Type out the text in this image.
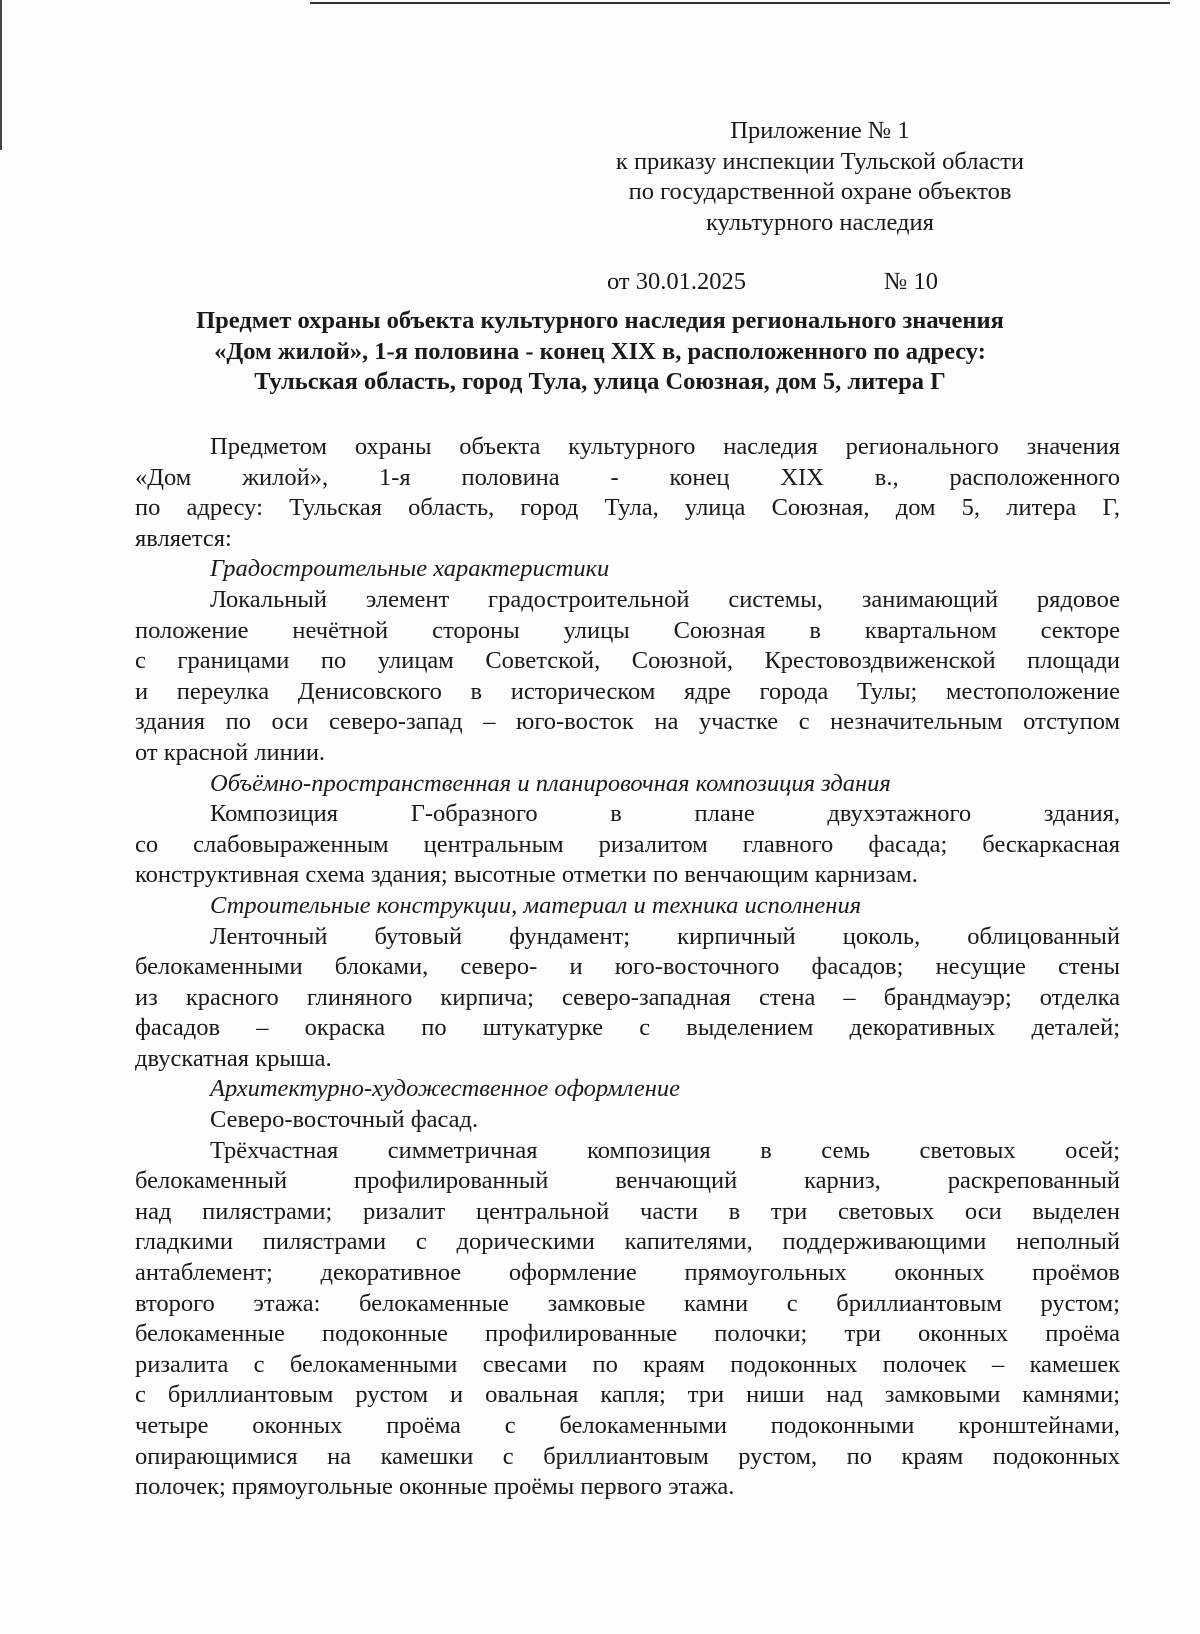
Приложение № 1
к приказу инспекции Тульской области
по государственной охране объектов
культурного наследия
от 30.01.2025	№ 10
Предмет охраны объекта культурного наследия регионального значения
«Дом жилой», 1-я половина - конец XIX в, расположенного по адресу:
Тульская область, город Тула, улица Союзная, дом 5, литера Г
Предметом охраны объекта культурного наследия регионального значения
«Дом жилой», 1-я половина - конец XIX в., расположенного
по адресу: Тульская область, город Тула, улица Союзная, дом 5, литера Г,
является:
Градостроительные характеристики
Локальный элемент градостроительной системы, занимающий рядовое
положение нечётной стороны улицы Союзная в квартальном секторе
с границами по улицам Советской, Союзной, Крестовоздвиженской площади
и переулка Денисовского в историческом ядре города Тулы; местоположение
здания по оси северо-запад – юго-восток на участке с незначительным отступом
от красной линии.
Объёмно-пространственная и планировочная композиция здания
Композиция Г-образного в плане двухэтажного здания,
со слабовыраженным центральным ризалитом главного фасада; бескаркасная
конструктивная схема здания; высотные отметки по венчающим карнизам.
Строительные конструкции, материал и техника исполнения
Ленточный бутовый фундамент; кирпичный цоколь, облицованный
белокаменными блоками, северо- и юго-восточного фасадов; несущие стены
из красного глиняного кирпича; северо-западная стена – брандмауэр; отделка
фасадов – окраска по штукатурке с выделением декоративных деталей;
двускатная крыша.
Архитектурно-художественное оформление
Северо-восточный фасад.
Трёхчастная симметричная композиция в семь световых осей;
белокаменный профилированный венчающий карниз, раскрепованный
над пилястрами; ризалит центральной части в три световых оси выделен
гладкими пилястрами с дорическими капителями, поддерживающими неполный
антаблемент; декоративное оформление прямоугольных оконных проёмов
второго этажа: белокаменные замковые камни с бриллиантовым рустом;
белокаменные подоконные профилированные полочки; три оконных проёма
ризалита с белокаменными свесами по краям подоконных полочек – камешек
с бриллиантовым рустом и овальная капля; три ниши над замковыми камнями;
четыре оконных проёма с белокаменными подоконными кронштейнами,
опирающимися на камешки с бриллиантовым рустом, по краям подоконных
полочек; прямоугольные оконные проёмы первого этажа.
